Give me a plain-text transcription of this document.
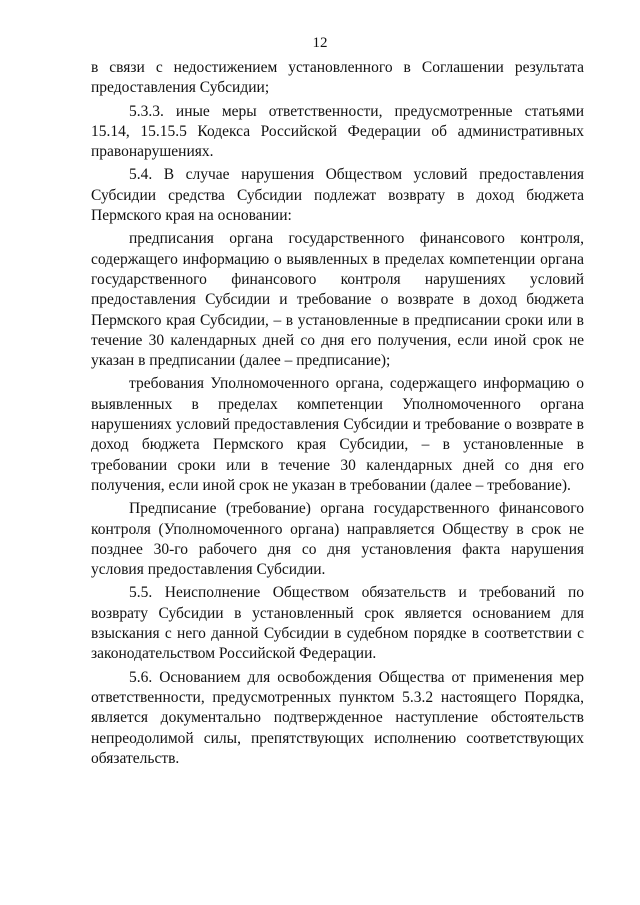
12

в связи с недостижением установленного в Соглашении результата предоставления Субсидии;

5.3.3. иные меры ответственности, предусмотренные статьями 15.14, 15.15.5 Кодекса Российской Федерации об административных правонарушениях.

5.4. В случае нарушения Обществом условий предоставления Субсидии средства Субсидии подлежат возврату в доход бюджета Пермского края на основании:

предписания органа государственного финансового контроля, содержащего информацию о выявленных в пределах компетенции органа государственного финансового контроля нарушениях условий предоставления Субсидии и требование о возврате в доход бюджета Пермского края Субсидии, – в установленные в предписании сроки или в течение 30 календарных дней со дня его получения, если иной срок не указан в предписании (далее – предписание);

требования Уполномоченного органа, содержащего информацию о выявленных в пределах компетенции Уполномоченного органа нарушениях условий предоставления Субсидии и требование о возврате в доход бюджета Пермского края Субсидии, – в установленные в требовании сроки или в течение 30 календарных дней со дня его получения, если иной срок не указан в требовании (далее – требование).

Предписание (требование) органа государственного финансового контроля (Уполномоченного органа) направляется Обществу в срок не позднее 30-го рабочего дня со дня установления факта нарушения условия предоставления Субсидии.

5.5. Неисполнение Обществом обязательств и требований по возврату Субсидии в установленный срок является основанием для взыскания с него данной Субсидии в судебном порядке в соответствии с законодательством Российской Федерации.

5.6. Основанием для освобождения Общества от применения мер ответственности, предусмотренных пунктом 5.3.2 настоящего Порядка, является документально подтвержденное наступление обстоятельств непреодолимой силы, препятствующих исполнению соответствующих обязательств.
